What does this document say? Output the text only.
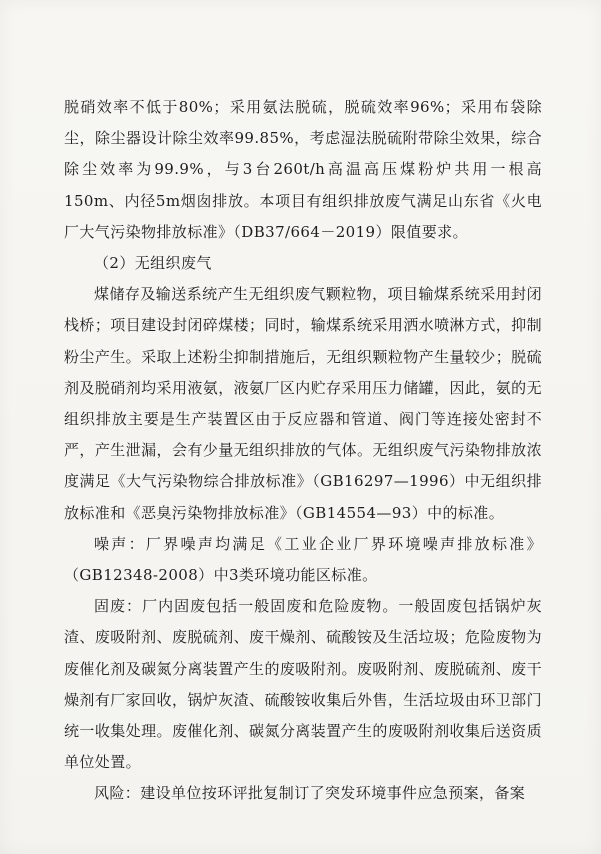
脱硝效率不低于80%；采用氨法脱硫，脱硫效率96%；采用布袋除尘，除尘器设计除尘效率99.85%，考虑湿法脱硫附带除尘效果，综合除尘效率为99.9%，与3台260t/h高温高压煤粉炉共用一根高150m、内径5m烟囱排放。本项目有组织排放废气满足山东省《火电厂大气污染物排放标准》（DB37/664－2019）限值要求。

（2）无组织废气

煤储存及输送系统产生无组织废气颗粒物，项目输煤系统采用封闭栈桥；项目建设封闭碎煤楼；同时，输煤系统采用洒水喷淋方式，抑制粉尘产生。采取上述粉尘抑制措施后，无组织颗粒物产生量较少；脱硫剂及脱硝剂均采用液氨，液氨厂区内贮存采用压力储罐，因此，氨的无组织排放主要是生产装置区由于反应器和管道、阀门等连接处密封不严，产生泄漏，会有少量无组织排放的气体。无组织废气污染物排放浓度满足《大气污染物综合排放标准》（GB16297—1996）中无组织排放标准和《恶臭污染物排放标准》（GB14554—93）中的标准。

噪声：厂界噪声均满足《工业企业厂界环境噪声排放标准》（GB12348-2008）中3类环境功能区标准。

固废：厂内固废包括一般固废和危险废物。一般固废包括锅炉灰渣、废吸附剂、废脱硫剂、废干燥剂、硫酸铵及生活垃圾；危险废物为废催化剂及碳氮分离装置产生的废吸附剂。废吸附剂、废脱硫剂、废干燥剂有厂家回收，锅炉灰渣、硫酸铵收集后外售，生活垃圾由环卫部门统一收集处理。废催化剂、碳氮分离装置产生的废吸附剂收集后送资质单位处置。

风险：建设单位按环评批复制订了突发环境事件应急预案，备案
